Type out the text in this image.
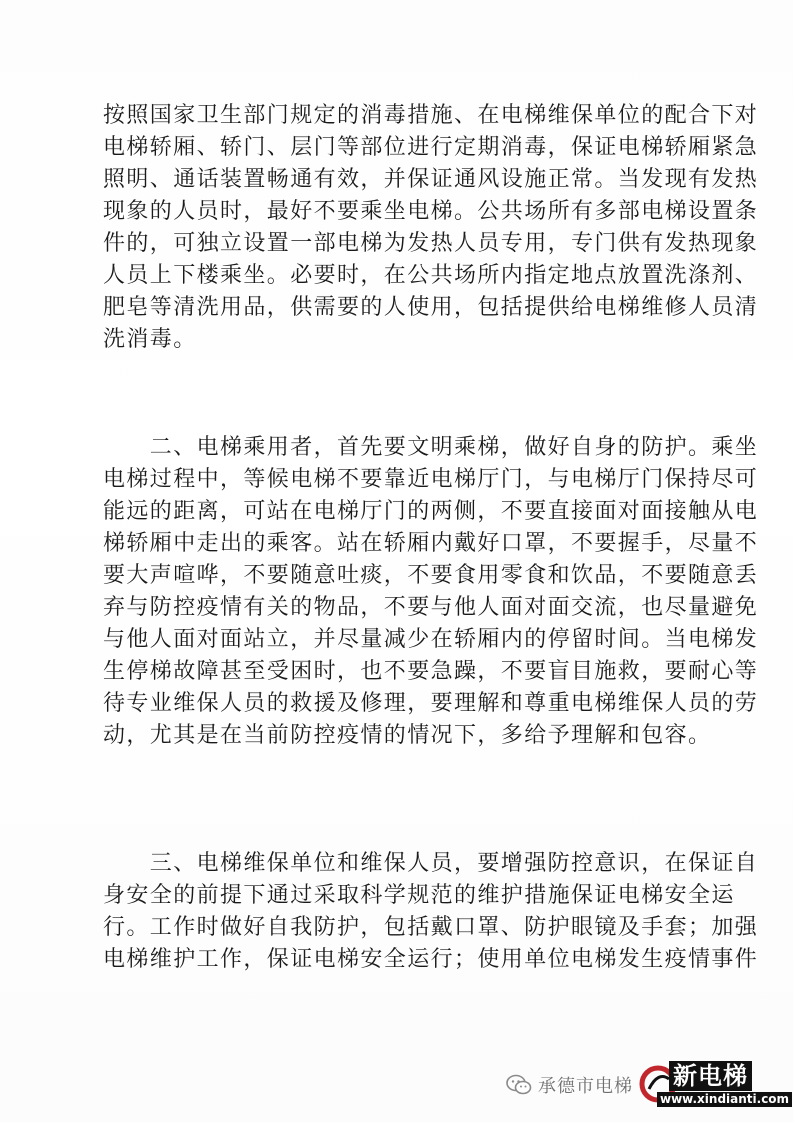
按照国家卫生部门规定的消毒措施、在电梯维保单位的配合下对
电梯轿厢、轿门、层门等部位进行定期消毒，保证电梯轿厢紧急
照明、通话装置畅通有效，并保证通风设施正常。当发现有发热
现象的人员时，最好不要乘坐电梯。公共场所有多部电梯设置条
件的，可独立设置一部电梯为发热人员专用，专门供有发热现象
人员上下楼乘坐。必要时，在公共场所内指定地点放置洗涤剂、
肥皂等清洗用品，供需要的人使用，包括提供给电梯维修人员清
洗消毒。
　　二、电梯乘用者，首先要文明乘梯，做好自身的防护。乘坐
电梯过程中，等候电梯不要靠近电梯厅门，与电梯厅门保持尽可
能远的距离，可站在电梯厅门的两侧，不要直接面对面接触从电
梯轿厢中走出的乘客。站在轿厢内戴好口罩，不要握手，尽量不
要大声喧哗，不要随意吐痰，不要食用零食和饮品，不要随意丢
弃与防控疫情有关的物品，不要与他人面对面交流，也尽量避免
与他人面对面站立，并尽量减少在轿厢内的停留时间。当电梯发
生停梯故障甚至受困时，也不要急躁，不要盲目施救，要耐心等
待专业维保人员的救援及修理，要理解和尊重电梯维保人员的劳
动，尤其是在当前防控疫情的情况下，多给予理解和包容。
　　三、电梯维保单位和维保人员，要增强防控意识，在保证自
身安全的前提下通过采取科学规范的维护措施保证电梯安全运
行。工作时做好自我防护，包括戴口罩、防护眼镜及手套；加强
电梯维护工作，保证电梯安全运行；使用单位电梯发生疫情事件
承德市电梯 新电梯
www.xindianti.com
